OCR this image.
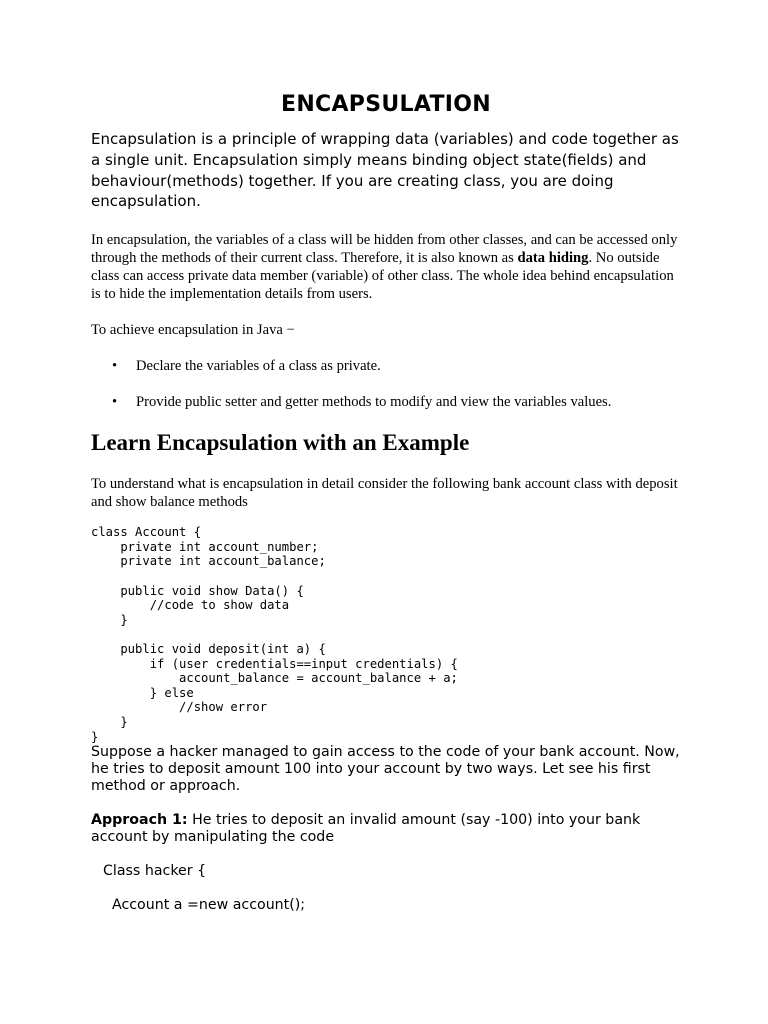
ENCAPSULATION

Encapsulation is a principle of wrapping data (variables) and code together as a single unit. Encapsulation simply means binding object state(fields) and behaviour(methods) together. If you are creating class, you are doing encapsulation.

In encapsulation, the variables of a class will be hidden from other classes, and can be accessed only through the methods of their current class. Therefore, it is also known as data hiding. No outside class can access private data member (variable) of other class. The whole idea behind encapsulation is to hide the implementation details from users.

To achieve encapsulation in Java −

• Declare the variables of a class as private.
• Provide public setter and getter methods to modify and view the variables values.
Learn Encapsulation with an Example

To understand what is encapsulation in detail consider the following bank account class with deposit and show balance methods

class Account {
private int account_number;
private int account_balance;

public void show Data() {
//code to show data
}

public void deposit(int a) {
if (user credentials==input credentials) {
account_balance = account_balance + a;
} else
//show error
}
}

Suppose a hacker managed to gain access to the code of your bank account. Now, he tries to deposit amount 100 into your account by two ways. Let see his first method or approach.

Approach 1: He tries to deposit an invalid amount (say -100) into your bank account by manipulating the code

Class hacker {

Account a =new account();
